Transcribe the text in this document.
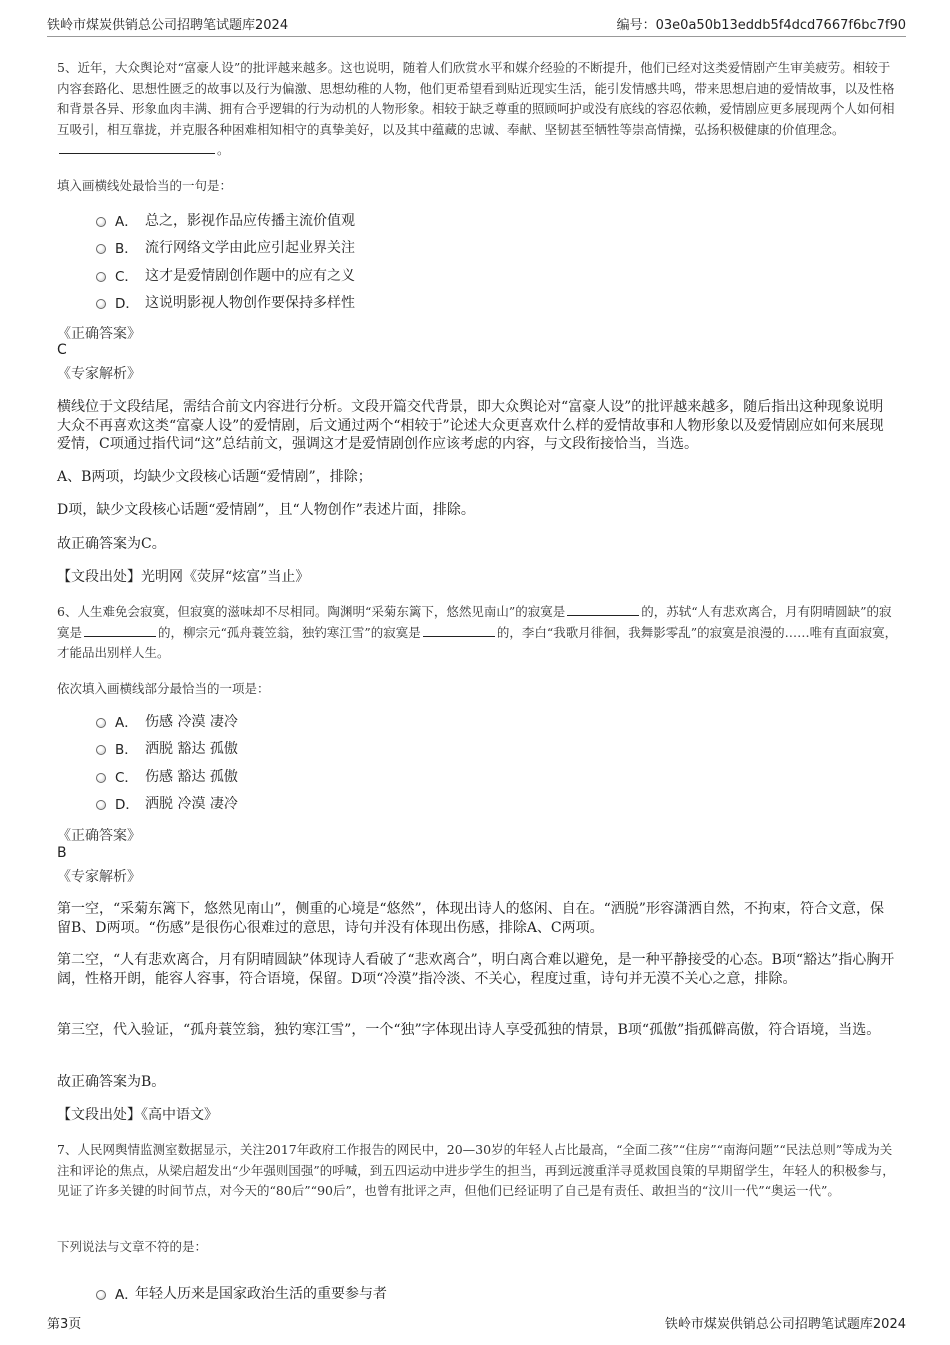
铁岭市煤炭供销总公司招聘笔试题库2024	编号：03e0a50b13eddb5f4dcd7667f6bc7f90
5、近年，大众舆论对“富豪人设”的批评越来越多。这也说明，随着人们欣赏水平和媒介经验的不断提升，他们已经对这类爱情剧产生审美疲劳。相较于内容套路化、思想性匮乏的故事以及行为偏激、思想幼稚的人物，他们更希望看到贴近现实生活，能引发情感共鸣，带来思想启迪的爱情故事，以及性格和背景各异、形象血肉丰满、拥有合乎逻辑的行为动机的人物形象。相较于缺乏尊重的照顾呵护或没有底线的容忍依赖，爱情剧应更多展现两个人如何相互吸引，相互靠拢，并克服各种困难相知相守的真挚美好，以及其中蕴藏的忠诚、奉献、坚韧甚至牺牲等崇高情操，弘扬积极健康的价值理念。。
填入画横线处最恰当的一句是：
A． 总之，影视作品应传播主流价值观
B． 流行网络文学由此应引起业界关注
C． 这才是爱情剧创作题中的应有之义
D． 这说明影视人物创作要保持多样性
《正确答案》
C
《专家解析》
横线位于文段结尾，需结合前文内容进行分析。文段开篇交代背景，即大众舆论对“富豪人设”的批评越来越多，随后指出这种现象说明大众不再喜欢这类“富豪人设”的爱情剧，后文通过两个“相较于”论述大众更喜欢什么样的爱情故事和人物形象以及爱情剧应如何来展现爱情，C项通过指代词“这”总结前文，强调这才是爱情剧创作应该考虑的内容，与文段衔接恰当，当选。
A、B两项，均缺少文段核心话题“爱情剧”，排除；
D项，缺少文段核心话题“爱情剧”，且“人物创作”表述片面，排除。
故正确答案为C。
【文段出处】光明网《荧屏“炫富”当止》
6、人生难免会寂寞，但寂寞的滋味却不尽相同。陶渊明“采菊东篱下，悠然见南山”的寂寞是	的，苏轼“人有悲欢离合，月有阴晴圆缺”的寂寞是	的，柳宗元“孤舟蓑笠翁，独钓寒江雪”的寂寞是	的，李白“我歌月徘徊，我舞影零乱”的寂寞是浪漫的……唯有直面寂寞，才能品出别样人生。
依次填入画横线部分最恰当的一项是：
A． 伤感 冷漠 凄冷
B． 洒脱 豁达 孤傲
C． 伤感 豁达 孤傲
D． 洒脱 冷漠 凄冷
《正确答案》
B
《专家解析》
第一空，“采菊东篱下，悠然见南山”，侧重的心境是“悠然”，体现出诗人的悠闲、自在。“洒脱”形容潇洒自然，不拘束，符合文意，保留B、D两项。“伤感”是很伤心很难过的意思，诗句并没有体现出伤感，排除A、C两项。
第二空，“人有悲欢离合，月有阴晴圆缺”体现诗人看破了“悲欢离合”，明白离合难以避免，是一种平静接受的心态。B项“豁达”指心胸开阔，性格开朗，能容人容事，符合语境，保留。D项“冷漠”指冷淡、不关心，程度过重，诗句并无漠不关心之意，排除。
第三空，代入验证，“孤舟蓑笠翁，独钓寒江雪”，一个“独”字体现出诗人享受孤独的情景，B项“孤傲”指孤僻高傲，符合语境，当选。
故正确答案为B。
【文段出处】《高中语文》
7、人民网舆情监测室数据显示，关注2017年政府工作报告的网民中，20—30岁的年轻人占比最高，“全面二孩”“住房”“南海问题”“民法总则”等成为关注和评论的焦点，从梁启超发出“少年强则国强”的呼喊，到五四运动中进步学生的担当，再到远渡重洋寻觅救国良策的早期留学生，年轻人的积极参与，见证了许多关键的时间节点，对今天的“80后”“90后”，也曾有批评之声，但他们已经证明了自己是有责任、敢担当的“汶川一代”“奥运一代”。
下列说法与文章不符的是：
A．
年轻人历来是国家政治生活的重要参与者
第3页	铁岭市煤炭供销总公司招聘笔试题库2024
